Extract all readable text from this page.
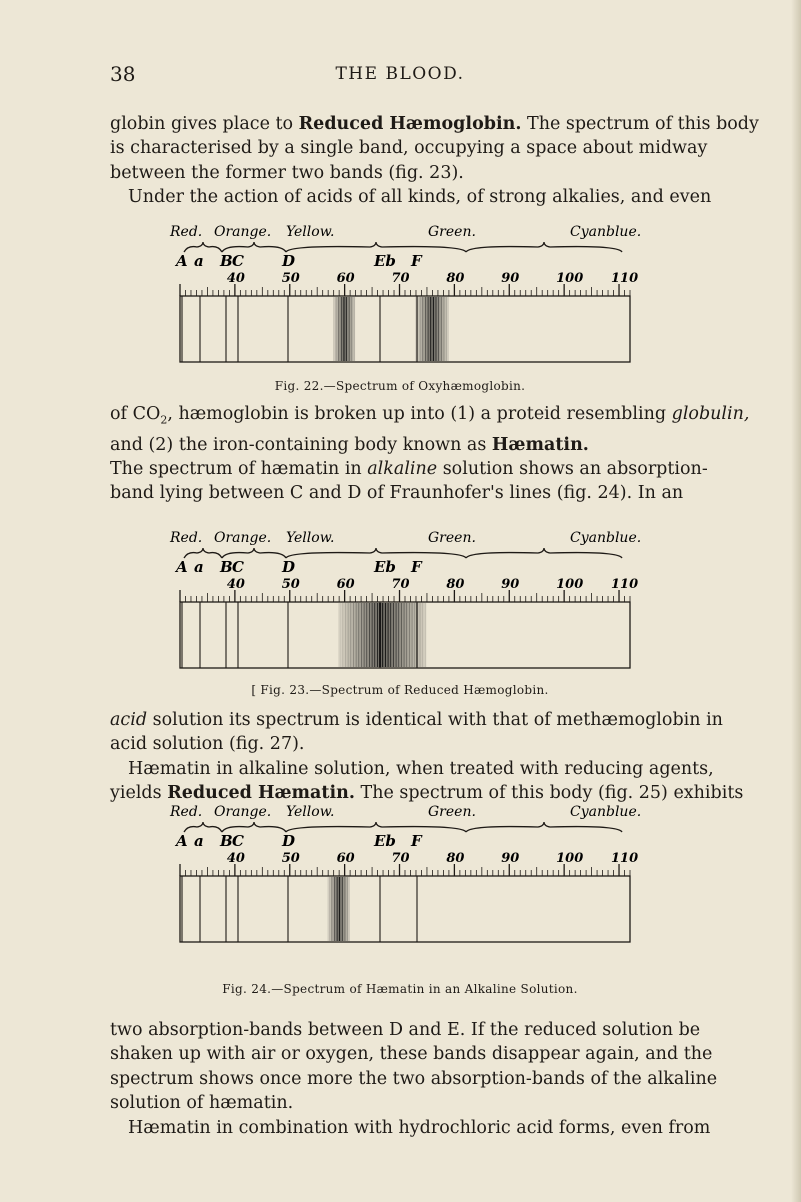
38	THE BLOOD.

globin gives place to Reduced Hæmoglobin. The spectrum of this body
is characterised by a single band, occupying a space about midway
between the former two bands (fig. 23).

Under the action of acids of all kinds, of strong alkalies, and even

Red. Orange. Yellow.	Green.	Cyanblue.
A a B C	D	Eb F
40	50	60	70	80	90	100 110
Fig. 22.—Spectrum of Oxyhæmoglobin.

of $CO_2$, hæmoglobin is broken up into (1) a proteid resembling globulin,
and (2) the iron-containing body known as Hæmatin.
The spectrum of hæmatin in alkaline solution shows an absorption-
band lying between C and D of Fraunhofer's lines (fig. 24). In an

Red. Orange. Yellow.	Green.	Cyanblue.
A a B C	D	Eb F
40	50	60	70	80	90	100 110
[ Fig. 23.—Spectrum of Reduced Hæmoglobin.

acid solution its spectrum is identical with that of methæmoglobin in
acid solution (fig. 27).

Hæmatin in alkaline solution, when treated with reducing agents,
yields Reduced Hæmatin. The spectrum of this body (fig. 25) exhibits

Red. Orange. Yellow.	Green.	Cyanblue.
A a B C	D	Eb F
40	50	60	70	80	90	100 110
Fig. 24.—Spectrum of Hæmatin in an Alkaline Solution.

two absorption-bands between D and E. If the reduced solution be
shaken up with air or oxygen, these bands disappear again, and the
spectrum shows once more the two absorption-bands of the alkaline
solution of hæmatin.

Hæmatin in combination with hydrochloric acid forms, even from
